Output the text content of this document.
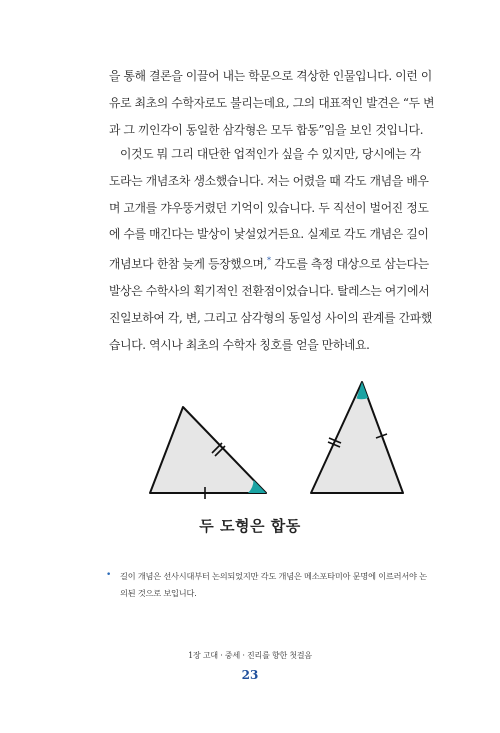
을 통해 결론을 이끌어 내는 학문으로 격상한 인물입니다. 이런 이
유로 최초의 수학자로도 불리는데요, 그의 대표적인 발견은 “두 변
과 그 끼인각이 동일한 삼각형은 모두 합동”임을 보인 것입니다.
이것도 뭐 그리 대단한 업적인가 싶을 수 있지만, 당시에는 각
도라는 개념조차 생소했습니다. 저는 어렸을 때 각도 개념을 배우
며 고개를 갸우뚱거렸던 기억이 있습니다. 두 직선이 벌어진 정도
에 수를 매긴다는 발상이 낯설었거든요. 실제로 각도 개념은 길이
개념보다 한참 늦게 등장했으며,* 각도를 측정 대상으로 삼는다는
발상은 수학사의 획기적인 전환점이었습니다. 탈레스는 여기에서
진일보하여 각, 변, 그리고 삼각형의 동일성 사이의 관계를 간파했
습니다. 역시나 최초의 수학자 칭호를 얻을 만하네요.
두 도형은 합동
•	길이 개념은 선사시대부터 논의되었지만 각도 개념은 메소포타미아 문명에 이르러서야 논
의된 것으로 보입니다.
1장 고대 · 중세 · 진리를 향한 첫걸음
23
